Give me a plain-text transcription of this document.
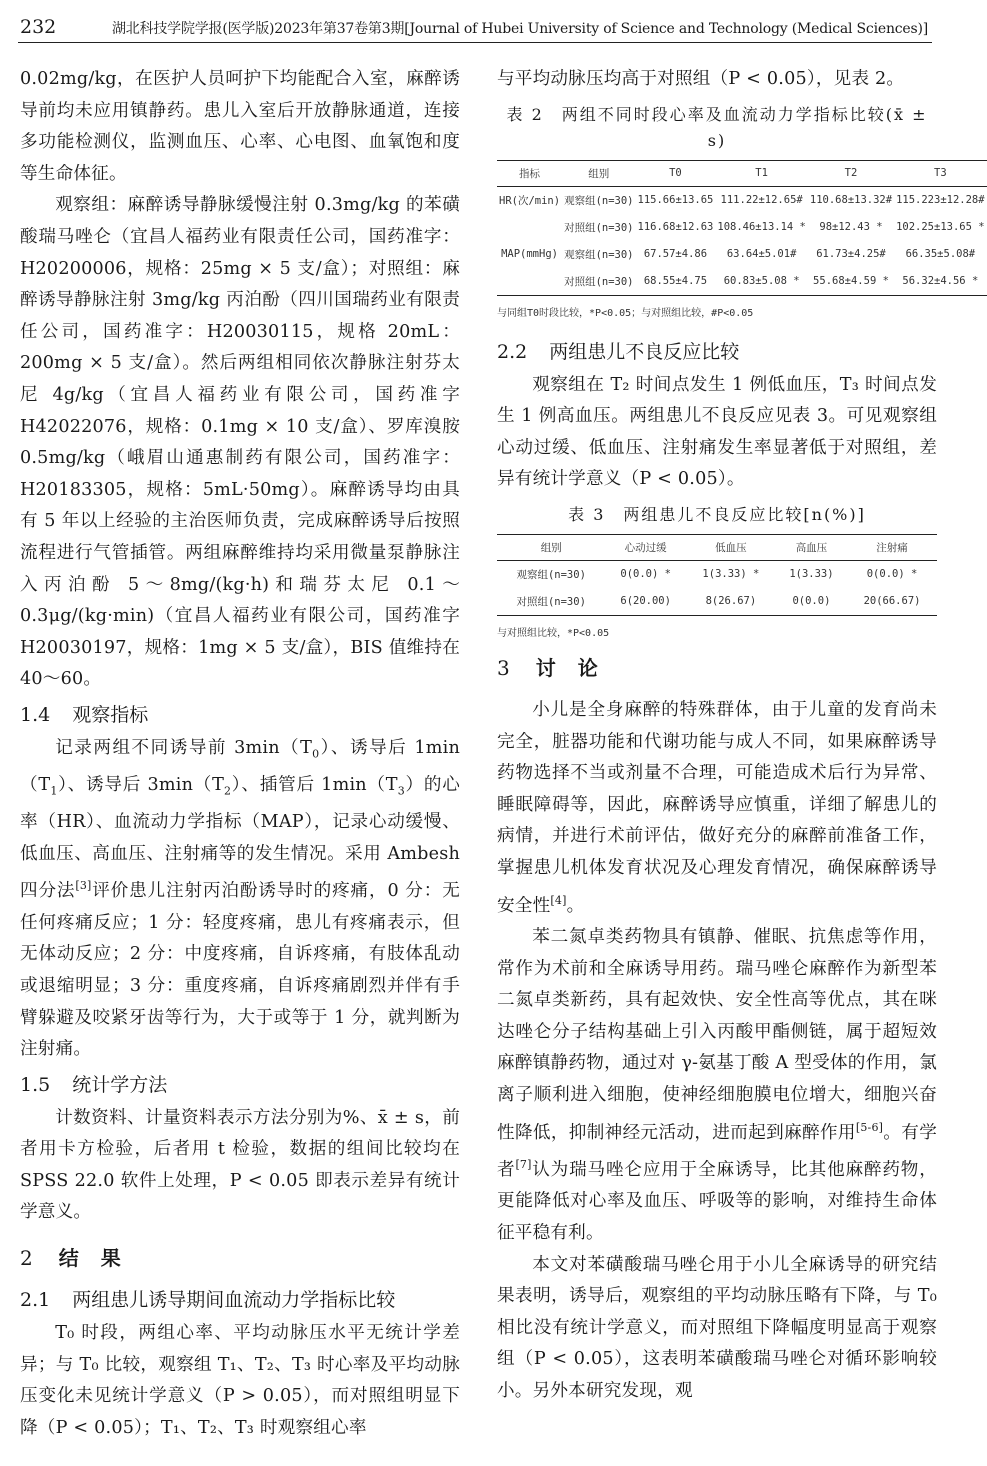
232	湖北科技学院学报(医学版)2023年第37卷第3期[Journal of Hubei University of Science and Technology (Medical Sciences)]

0.02mg/kg，在医护人员呵护下均能配合入室，麻醉诱导前均未应用镇静药。患儿入室后开放静脉通道，连接多功能检测仪，监测血压、心率、心电图、血氧饱和度等生命体征。

观察组：麻醉诱导静脉缓慢注射 0.3mg/kg 的苯磺酸瑞马唑仑（宜昌人福药业有限责任公司，国药准字：H20200006，规格：25mg × 5 支/盒）；对照组：麻醉诱导静脉注射 3mg/kg 丙泊酚（四川国瑞药业有限责任公司，国药准字：H20030115，规格 20mL：200mg × 5 支/盒）。然后两组相同依次静脉注射芬太尼 4g/kg（宜昌人福药业有限公司，国药准字 H42022076，规格：0.1mg × 10 支/盒）、罗库溴胺 0.5mg/kg（峨眉山通惠制药有限公司，国药准字：H20183305，规格：5mL·50mg）。麻醉诱导均由具有 5 年以上经验的主治医师负责，完成麻醉诱导后按照流程进行气管插管。两组麻醉维持均采用微量泵静脉注入丙泊酚 5～8mg/(kg·h)和瑞芬太尼 0.1～0.3μg/(kg·min)（宜昌人福药业有限公司，国药准字 H20030197，规格：1mg × 5 支/盒），BIS 值维持在 40～60。

1.4 观察指标

记录两组不同诱导前 $3\min(T_0)$、诱导后 $1\min(T_1)$、诱导后 $3\min(T_2)$、插管后 $1\min(T_3)$的心率（HR）、血流动力学指标（MAP），记录心动缓慢、低血压、高血压、注射痛等的发生情况。采用 Ambesh 四分法[3]评价患儿注射丙泊酚诱导时的疼痛，0 分：无任何疼痛反应；1 分：轻度疼痛，患儿有疼痛表示，但无体动反应；2 分：中度疼痛，自诉疼痛，有肢体乱动或退缩明显；3 分：重度疼痛，自诉疼痛剧烈并伴有手臂躲避及咬紧牙齿等行为，大于或等于 1 分，就判断为注射痛。

1.5 统计学方法

计数资料、计量资料表示方法分别为%、x̄ ± s，前者用卡方检验，后者用 t 检验，数据的组间比较均在 SPSS 22.0 软件上处理，P < 0.05 即表示差异有统计学意义。

2 结果
2.1 两组患儿诱导期间血流动力学指标比较

T₀ 时段，两组心率、平均动脉压水平无统计学差异；与 T₀ 比较，观察组 T₁、T₂、T₃ 时心率及平均动脉压变化未见统计学意义（P > 0.05），而对照组明显下降（P < 0.05）；T₁、T₂、T₃ 时观察组心率

与平均动脉压均高于对照组（P < 0.05），见表 2。

表 2　两组不同时段心率及血流动力学指标比较(x̄ ± s)
指标	组别	T0	T1	T2	T3
HR(次/min)	观察组(n=30)	115.66±13.65	111.22±12.65#	110.68±13.32#	115.223±12.28#
	对照组(n=30)	116.68±12.63	108.46±13.14 *	98±12.43 *	102.25±13.65 *
MAP(mmHg)	观察组(n=30)	67.57±4.86	63.64±5.01#	61.73±4.25#	66.35±5.08#
	对照组(n=30)	68.55±4.75	60.83±5.08 *	55.68±4.59 *	56.32±4.56 *
与同组T0时段比较，*P<0.05；与对照组比较，#P<0.05
2.2 两组患儿不良反应比较

观察组在 T₂ 时间点发生 1 例低血压，T₃ 时间点发生 1 例高血压。两组患儿不良反应见表 3。可见观察组心动过缓、低血压、注射痛发生率显著低于对照组，差异有统计学意义（P < 0.05）。

表 3　两组患儿不良反应比较[n(%)]
组别	心动过缓	低血压	高血压	注射痛
观察组(n=30)	0(0.0) *	1(3.33) *	1(3.33)	0(0.0) *
对照组(n=30)	6(20.00)	8(26.67)	0(0.0)	20(66.67)
与对照组比较，*P<0.05
3 讨论

小儿是全身麻醉的特殊群体，由于儿童的发育尚未完全，脏器功能和代谢功能与成人不同，如果麻醉诱导药物选择不当或剂量不合理，可能造成术后行为异常、睡眠障碍等，因此，麻醉诱导应慎重，详细了解患儿的病情，并进行术前评估，做好充分的麻醉前准备工作，掌握患儿机体发育状况及心理发育情况，确保麻醉诱导安全性[4]。

苯二氮卓类药物具有镇静、催眠、抗焦虑等作用，常作为术前和全麻诱导用药。瑞马唑仑麻醉作为新型苯二氮卓类新药，具有起效快、安全性高等优点，其在咪达唑仑分子结构基础上引入丙酸甲酯侧链，属于超短效麻醉镇静药物，通过对 γ-氨基丁酸 A 型受体的作用，氯离子顺利进入细胞，使神经细胞膜电位增大，细胞兴奋性降低，抑制神经元活动，进而起到麻醉作用[5-6]。有学者[7]认为瑞马唑仑应用于全麻诱导，比其他麻醉药物，更能降低对心率及血压、呼吸等的影响，对维持生命体征平稳有利。

本文对苯磺酸瑞马唑仑用于小儿全麻诱导的研究结果表明，诱导后，观察组的平均动脉压略有下降，与 T₀ 相比没有统计学意义，而对照组下降幅度明显高于观察组（P < 0.05），这表明苯磺酸瑞马唑仑对循环影响较小。另外本研究发现，观
